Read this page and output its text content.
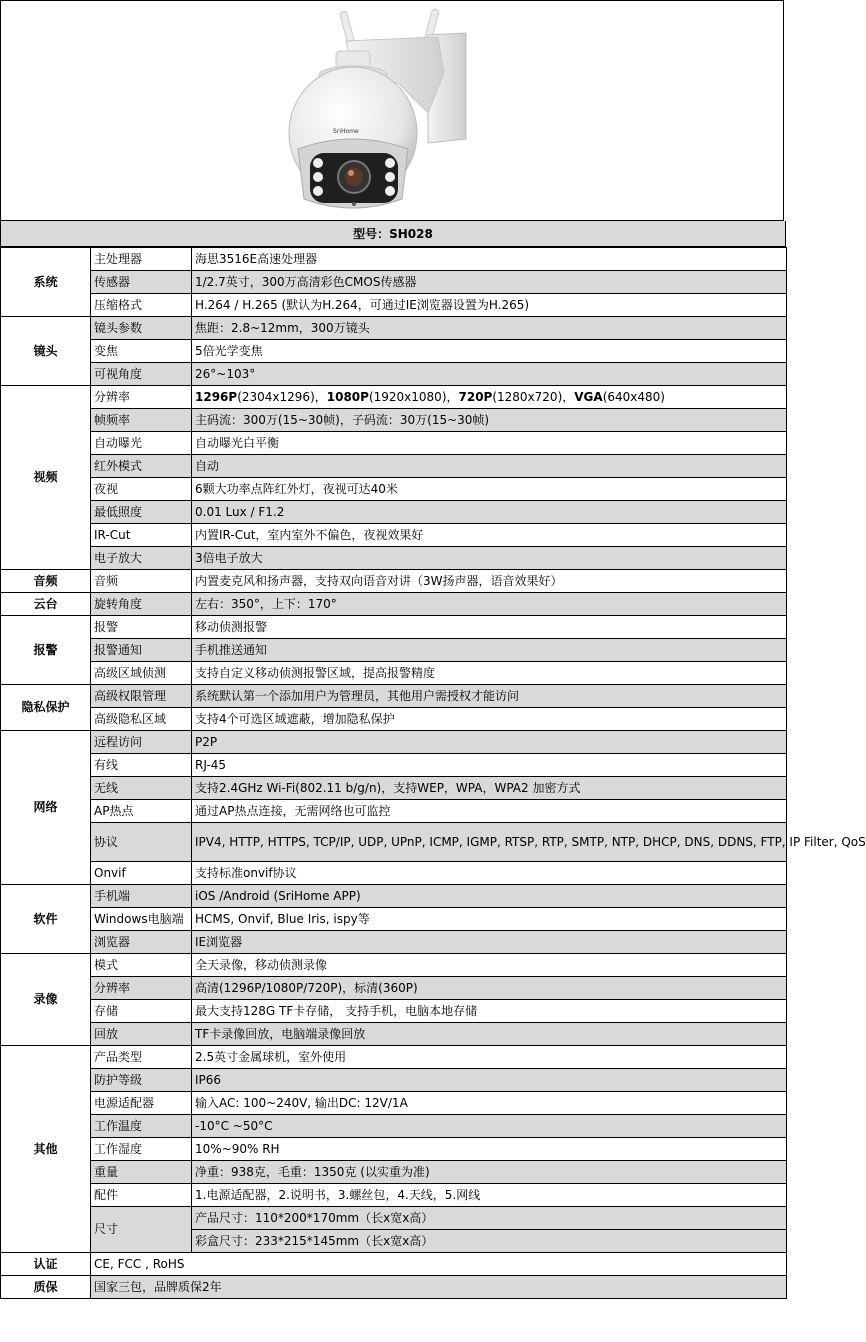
SriHome
型号：SH028
系统	主处理器	海思3516E高速处理器
	传感器	1/2.7英寸，300万高清彩色CMOS传感器
	压缩格式	H.264 / H.265 (默认为H.264，可通过IE浏览器设置为H.265)
镜头	镜头参数	焦距：2.8~12mm，300万镜头
	变焦	5倍光学变焦
	可视角度	26°~103°
视频	分辨率	1296P(2304x1296)，1080P(1920x1080)，720P(1280x720)，VGA(640x480)
	帧频率	主码流：300万(15~30帧)，子码流：30万(15~30帧)
	自动曝光	自动曝光白平衡
	红外模式	自动
	夜视	6颗大功率点阵红外灯，夜视可达40米
	最低照度	0.01 Lux / F1.2
	IR-Cut	内置IR-Cut，室内室外不偏色，夜视效果好
	电子放大	3倍电子放大
音频	音频	内置麦克风和扬声器，支持双向语音对讲（3W扬声器，语音效果好）
云台	旋转角度	左右：350°，上下：170°
报警	报警	移动侦测报警
	报警通知	手机推送通知
	高级区域侦测	支持自定义移动侦测报警区域，提高报警精度
隐私保护	高级权限管理	系统默认第一个添加用户为管理员，其他用户需授权才能访问
	高级隐私区域	支持4个可选区域遮蔽，增加隐私保护
网络	远程访问	P2P
	有线	RJ-45
	无线	支持2.4GHz Wi-Fi(802.11 b/g/n)，支持WEP，WPA，WPA2 加密方式
	AP热点	通过AP热点连接，无需网络也可监控
	协议	IPV4, HTTP, HTTPS, TCP/IP, UDP, UPnP, ICMP, IGMP, RTSP, RTP, SMTP, NTP, DHCP, DNS, DDNS, FTP, IP Filter, QoS
	Onvif	支持标准onvif协议
软件	手机端	iOS /Android (SriHome APP)
	Windows电脑端	HCMS, Onvif, Blue Iris, ispy等
	浏览器	IE浏览器
录像	模式	全天录像，移动侦测录像
	分辨率	高清(1296P/1080P/720P)，标清(360P)
	存储	最大支持128G TF卡存储， 支持手机，电脑本地存储
	回放	TF卡录像回放，电脑端录像回放
其他	产品类型	2.5英寸金属球机，室外使用
	防护等级	IP66
	电源适配器	输入AC: 100~240V, 输出DC: 12V/1A
	工作温度	-10°C ~50°C
	工作湿度	10%~90% RH
	重量	净重：938克，毛重：1350克 (以实重为准)
	配件	1.电源适配器，2.说明书，3.螺丝包，4.天线，5.网线
	尺寸	产品尺寸：110*200*170mm（长x宽x高）
		彩盒尺寸：233*215*145mm（长x宽x高）
认证	CE, FCC , RoHS	
质保	国家三包，品牌质保2年	
